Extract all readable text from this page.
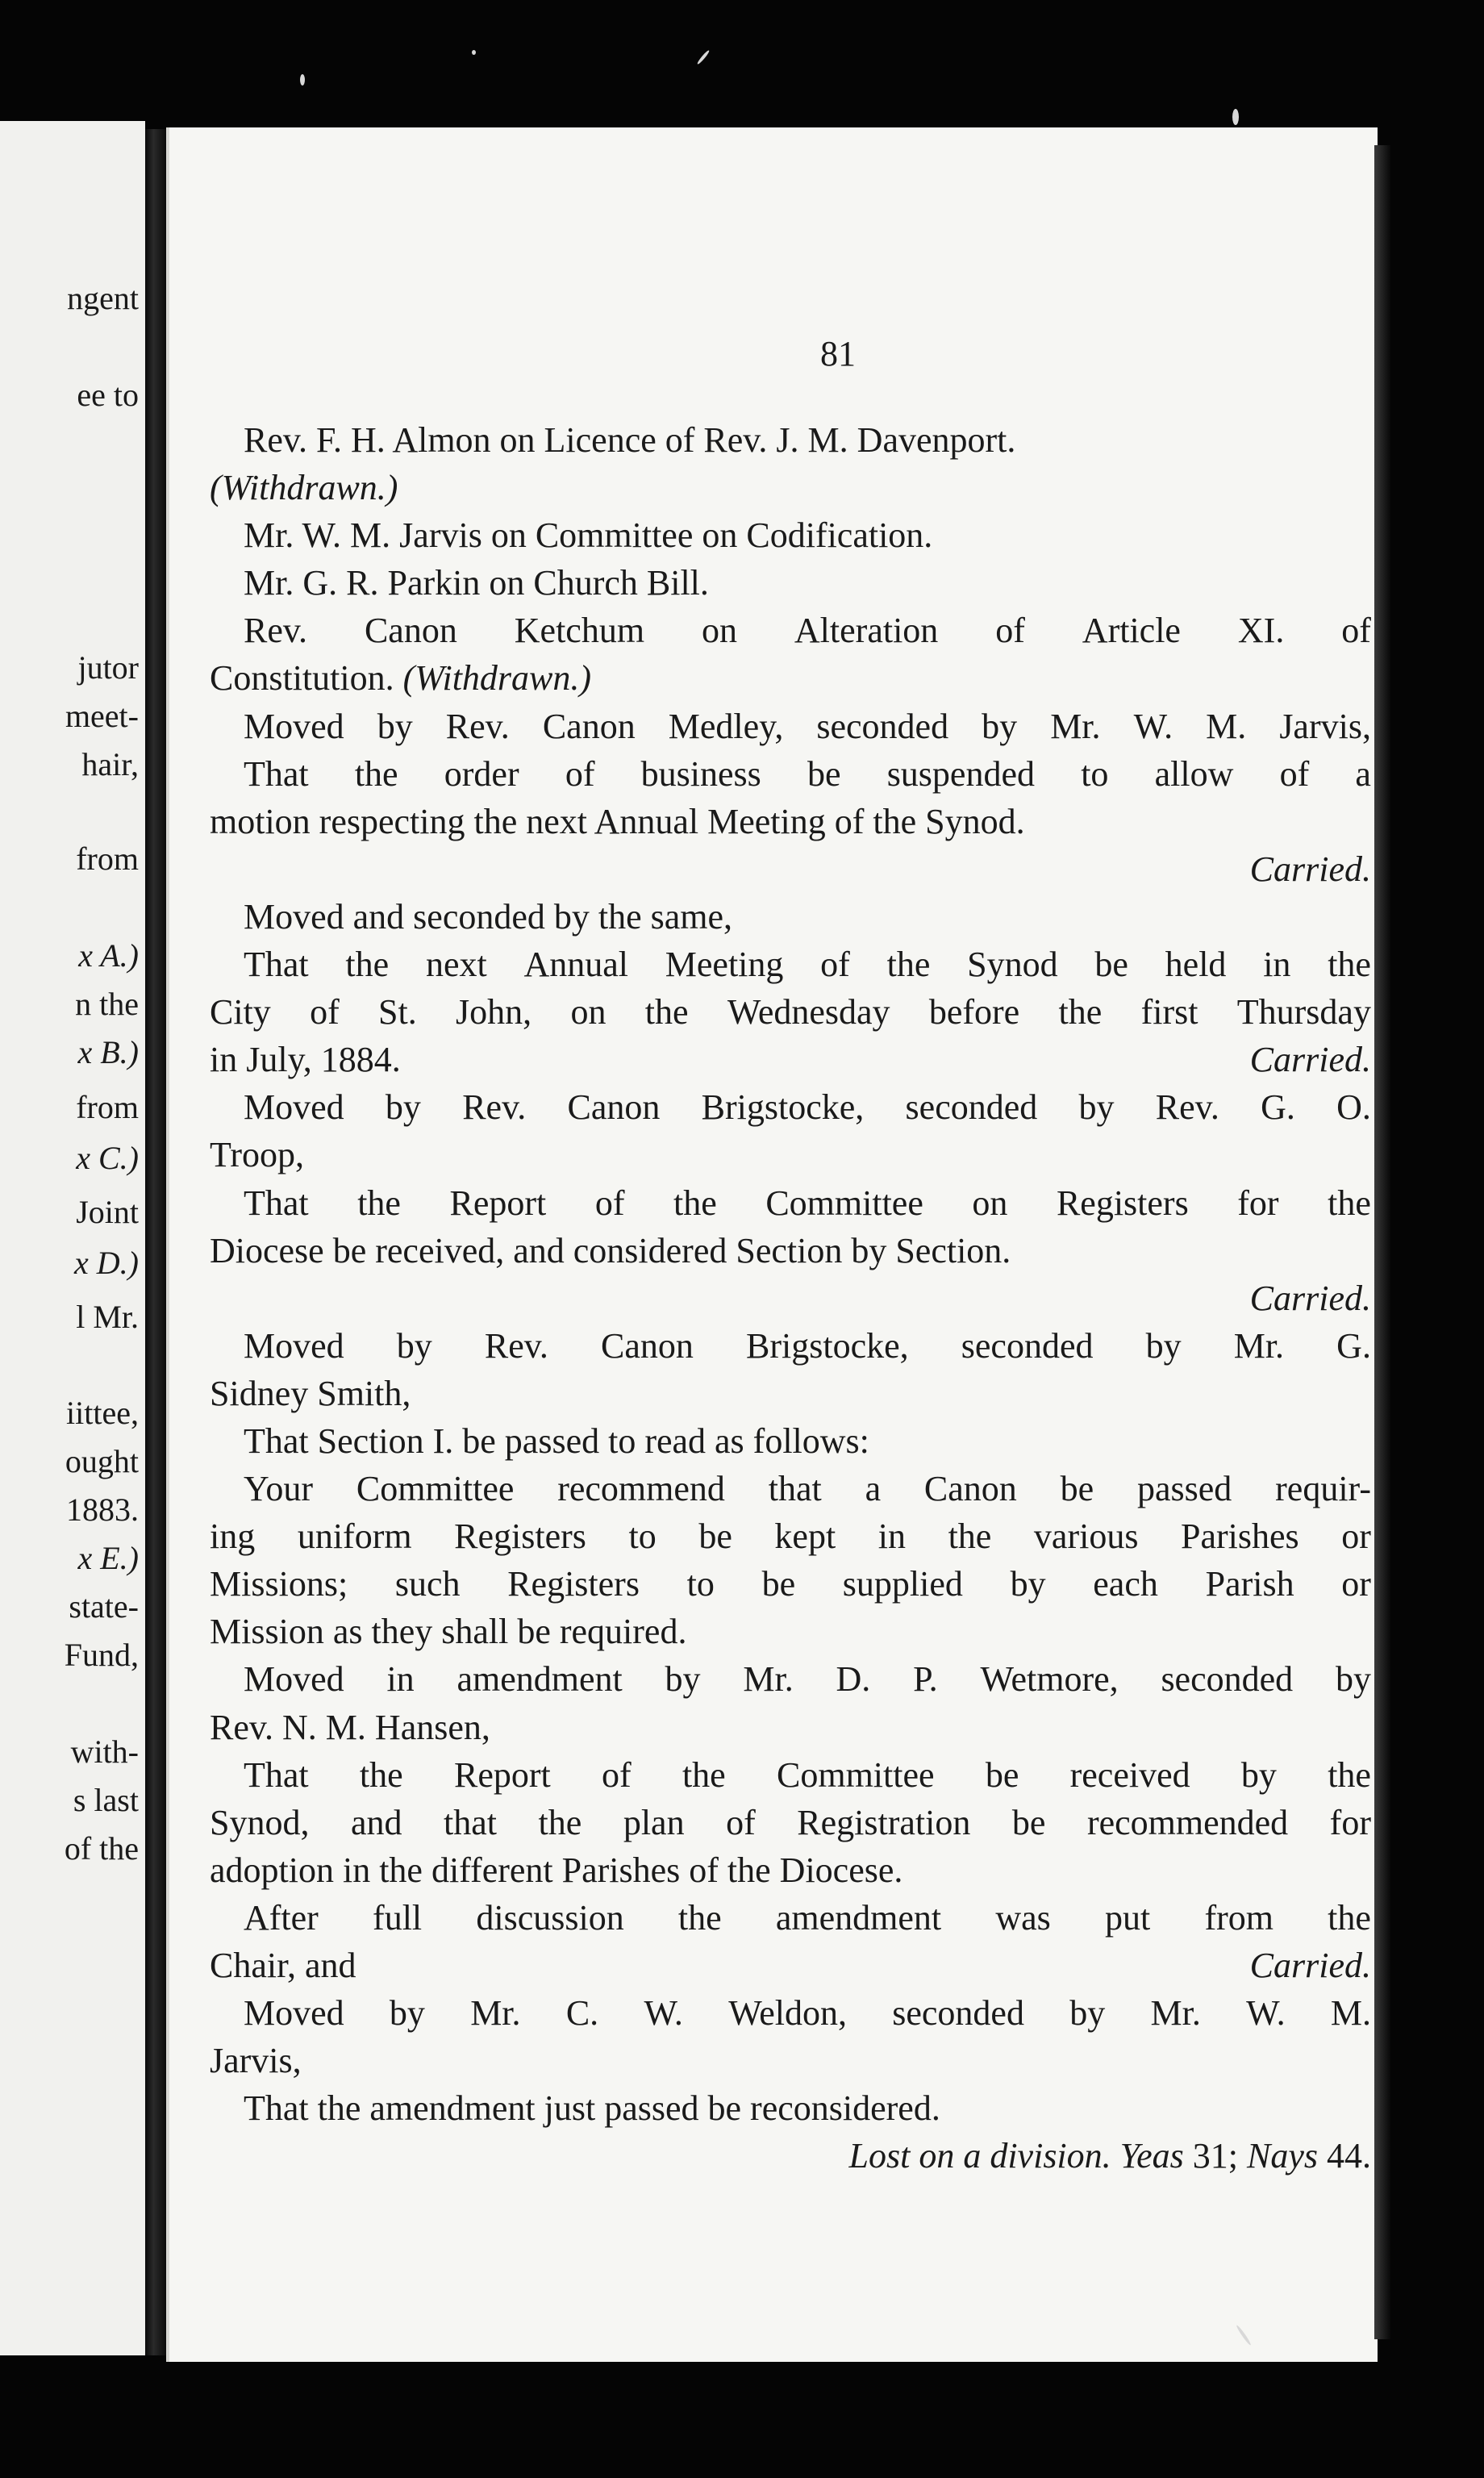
ngent
ee to
jutor
meet-
hair,
from
x A.)
n the
x B.)
from
x C.)
Joint
x D.)
l Mr.
iittee,
ought
1883.
x E.)
state-
Fund,
with-
s last
of the
81
Rev. F. H. Almon on Licence of Rev. J. M. Davenport.
(Withdrawn.)
Mr. W. M. Jarvis on Committee on Codification.
Mr. G. R. Parkin on Church Bill.
Rev. Canon Ketchum on Alteration of Article XI. of
Constitution. (Withdrawn.)
Moved by Rev. Canon Medley, seconded by Mr. W. M. Jarvis,
That the order of business be suspended to allow of a
motion respecting the next Annual Meeting of the Synod.
Carried.
Moved and seconded by the same,
That the next Annual Meeting of the Synod be held in the
City of St. John, on the Wednesday before the first Thursday
in July, 1884.	Carried.
Moved by Rev. Canon Brigstocke, seconded by Rev. G. O.
Troop,
That the Report of the Committee on Registers for the
Diocese be received, and considered Section by Section.
Carried.
Moved by Rev. Canon Brigstocke, seconded by Mr. G.
Sidney Smith,
That Section I. be passed to read as follows:
Your Committee recommend that a Canon be passed requir-
ing uniform Registers to be kept in the various Parishes or
Missions; such Registers to be supplied by each Parish or
Mission as they shall be required.
Moved in amendment by Mr. D. P. Wetmore, seconded by
Rev. N. M. Hansen,
That the Report of the Committee be received by the
Synod, and that the plan of Registration be recommended for
adoption in the different Parishes of the Diocese.
After full discussion the amendment was put from the
Chair, and	Carried.
Moved by Mr. C. W. Weldon, seconded by Mr. W. M.
Jarvis,
That the amendment just passed be reconsidered.
Lost on a division. Yeas 31; Nays 44.
